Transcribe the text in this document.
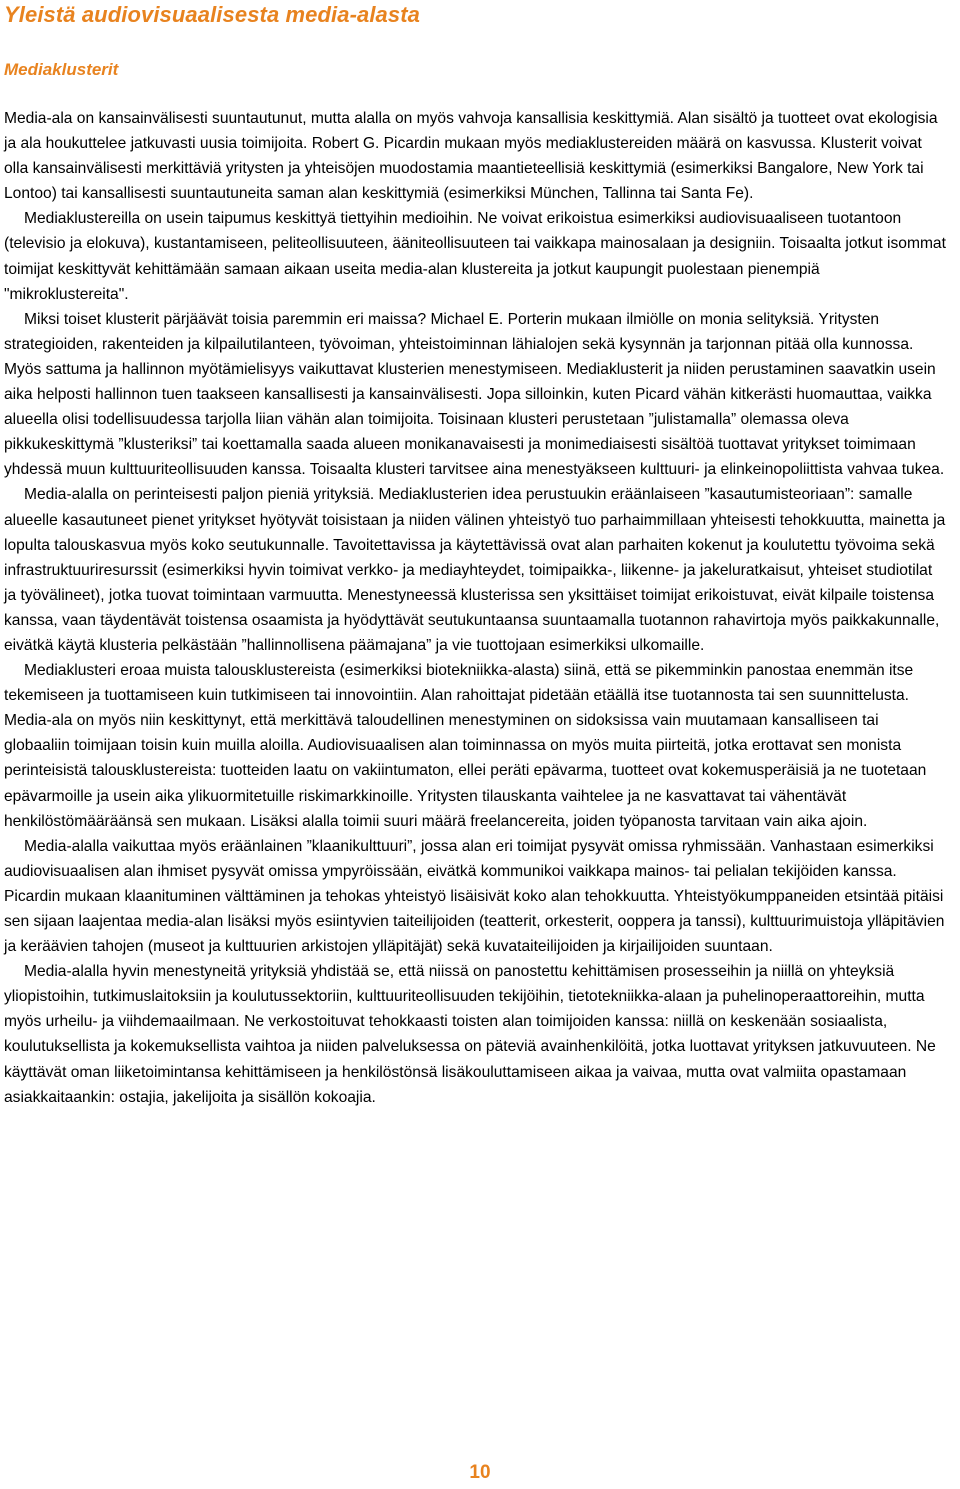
Yleistä audiovisuaalisesta media-alasta
Mediaklusterit

Media-ala on kansainvälisesti suuntautunut, mutta alalla on myös vahvoja kansallisia keskittymiä. Alan sisältö ja tuotteet ovat ekologisia ja ala houkuttelee jatkuvasti uusia toimijoita. Robert G. Picardin mukaan myös mediaklustereiden määrä on kasvussa. Klusterit voivat olla kansainvälisesti merkittäviä yritysten ja yhteisöjen muodostamia maantieteellisiä keskittymiä (esimerkiksi Bangalore, New York tai Lontoo) tai kansallisesti suuntautuneita saman alan keskittymiä (esimerkiksi München, Tallinna tai Santa Fe).

Mediaklustereilla on usein taipumus keskittyä tiettyihin medioihin. Ne voivat erikoistua esimerkiksi audiovisuaaliseen tuotantoon (televisio ja elokuva), kustantamiseen, peliteollisuuteen, ääniteollisuuteen tai vaikkapa mainosalaan ja designiin. Toisaalta jotkut isommat toimijat keskittyvät kehittämään samaan aikaan useita media-alan klustereita ja jotkut kaupungit puolestaan pienempiä "mikroklustereita".

Miksi toiset klusterit pärjäävät toisia paremmin eri maissa? Michael E. Porterin mukaan ilmiölle on monia selityksiä. Yritysten strategioiden, rakenteiden ja kilpailutilanteen, työvoiman, yhteistoiminnan lähialojen sekä kysynnän ja tarjonnan pitää olla kunnossa. Myös sattuma ja hallinnon myötämielisyys vaikuttavat klusterien menestymiseen. Mediaklusterit ja niiden perustaminen saavatkin usein aika helposti hallinnon tuen taakseen kansallisesti ja kansainvälisesti. Jopa silloinkin, kuten Picard vähän kitkerästi huomauttaa, vaikka alueella olisi todellisuudessa tarjolla liian vähän alan toimijoita. Toisinaan klusteri perustetaan ”julistamalla” olemassa oleva pikkukeskittymä ”klusteriksi” tai koettamalla saada alueen monikanavaisesti ja monimediaisesti sisältöä tuottavat yritykset toimimaan yhdessä muun kulttuuriteollisuuden kanssa. Toisaalta klusteri tarvitsee aina menestyäkseen kulttuuri- ja elinkeinopoliittista vahvaa tukea.

Media-alalla on perinteisesti paljon pieniä yrityksiä. Mediaklusterien idea perustuukin eräänlaiseen ”kasautumisteoriaan”: samalle alueelle kasautuneet pienet yritykset hyötyvät toisistaan ja niiden välinen yhteistyö tuo parhaimmillaan yhteisesti tehokkuutta, mainetta ja lopulta talouskasvua myös koko seutukunnalle. Tavoitettavissa ja käytettävissä ovat alan parhaiten kokenut ja koulutettu työvoima sekä infrastruktuuriresurssit (esimerkiksi hyvin toimivat verkko- ja mediayhteydet, toimipaikka-, liikenne- ja jakeluratkaisut, yhteiset studiotilat ja työvälineet), jotka tuovat toimintaan varmuutta. Menestyneessä klusterissa sen yksittäiset toimijat erikoistuvat, eivät kilpaile toistensa kanssa, vaan täydentävät toistensa osaamista ja hyödyttävät seutukuntaansa suuntaamalla tuotannon rahavirtoja myös paikkakunnalle, eivätkä käytä klusteria pelkästään ”hallinnollisena päämajana” ja vie tuottojaan esimerkiksi ulkomaille.

Mediaklusteri eroaa muista talousklustereista (esimerkiksi biotekniikka-alasta) siinä, että se pikemminkin panostaa enemmän itse tekemiseen ja tuottamiseen kuin tutkimiseen tai innovointiin. Alan rahoittajat pidetään etäällä itse tuotannosta tai sen suunnittelusta. Media-ala on myös niin keskittynyt, että merkittävä taloudellinen menestyminen on sidoksissa vain muutamaan kansalliseen tai globaaliin toimijaan toisin kuin muilla aloilla. Audiovisuaalisen alan toiminnassa on myös muita piirteitä, jotka erottavat sen monista perinteisistä talousklustereista: tuotteiden laatu on vakiintumaton, ellei peräti epävarma, tuotteet ovat kokemusperäisiä ja ne tuotetaan epävarmoille ja usein aika ylikuormitetuille riskimarkkinoille. Yritysten tilauskanta vaihtelee ja ne kasvattavat tai vähentävät henkilöstömääräänsä sen mukaan. Lisäksi alalla toimii suuri määrä freelancereita, joiden työpanosta tarvitaan vain aika ajoin.

Media-alalla vaikuttaa myös eräänlainen ”klaanikulttuuri”, jossa alan eri toimijat pysyvät omissa ryhmissään. Vanhastaan esimerkiksi audiovisuaalisen alan ihmiset pysyvät omissa ympyröissään, eivätkä kommunikoi vaikkapa mainos- tai pelialan tekijöiden kanssa. Picardin mukaan klaanituminen välttäminen ja tehokas yhteistyö lisäisivät koko alan tehokkuutta. Yhteistyökumppaneiden etsintää pitäisi sen sijaan laajentaa media-alan lisäksi myös esiintyvien taiteilijoiden (teatterit, orkesterit, ooppera ja tanssi), kulttuurimuistoja ylläpitävien ja keräävien tahojen (museot ja kulttuurien arkistojen ylläpitäjät) sekä kuvataiteilijoiden ja kirjailijoiden suuntaan.

Media-alalla hyvin menestyneitä yrityksiä yhdistää se, että niissä on panostettu kehittämisen prosesseihin ja niillä on yhteyksiä yliopistoihin, tutkimuslaitoksiin ja koulutussektoriin, kulttuuriteollisuuden tekijöihin, tietotekniikka-alaan ja puhelinoperaattoreihin, mutta myös urheilu- ja viihdemaailmaan. Ne verkostoituvat tehokkaasti toisten alan toimijoiden kanssa: niillä on keskenään sosiaalista, koulutuksellista ja kokemuksellista vaihtoa ja niiden palveluksessa on päteviä avainhenkilöitä, jotka luottavat yrityksen jatkuvuuteen. Ne käyttävät oman liiketoimintansa kehittämiseen ja henkilöstönsä lisäkouluttamiseen aikaa ja vaivaa, mutta ovat valmiita opastamaan asiakkaitaankin: ostajia, jakelijoita ja sisällön kokoajia.

10
